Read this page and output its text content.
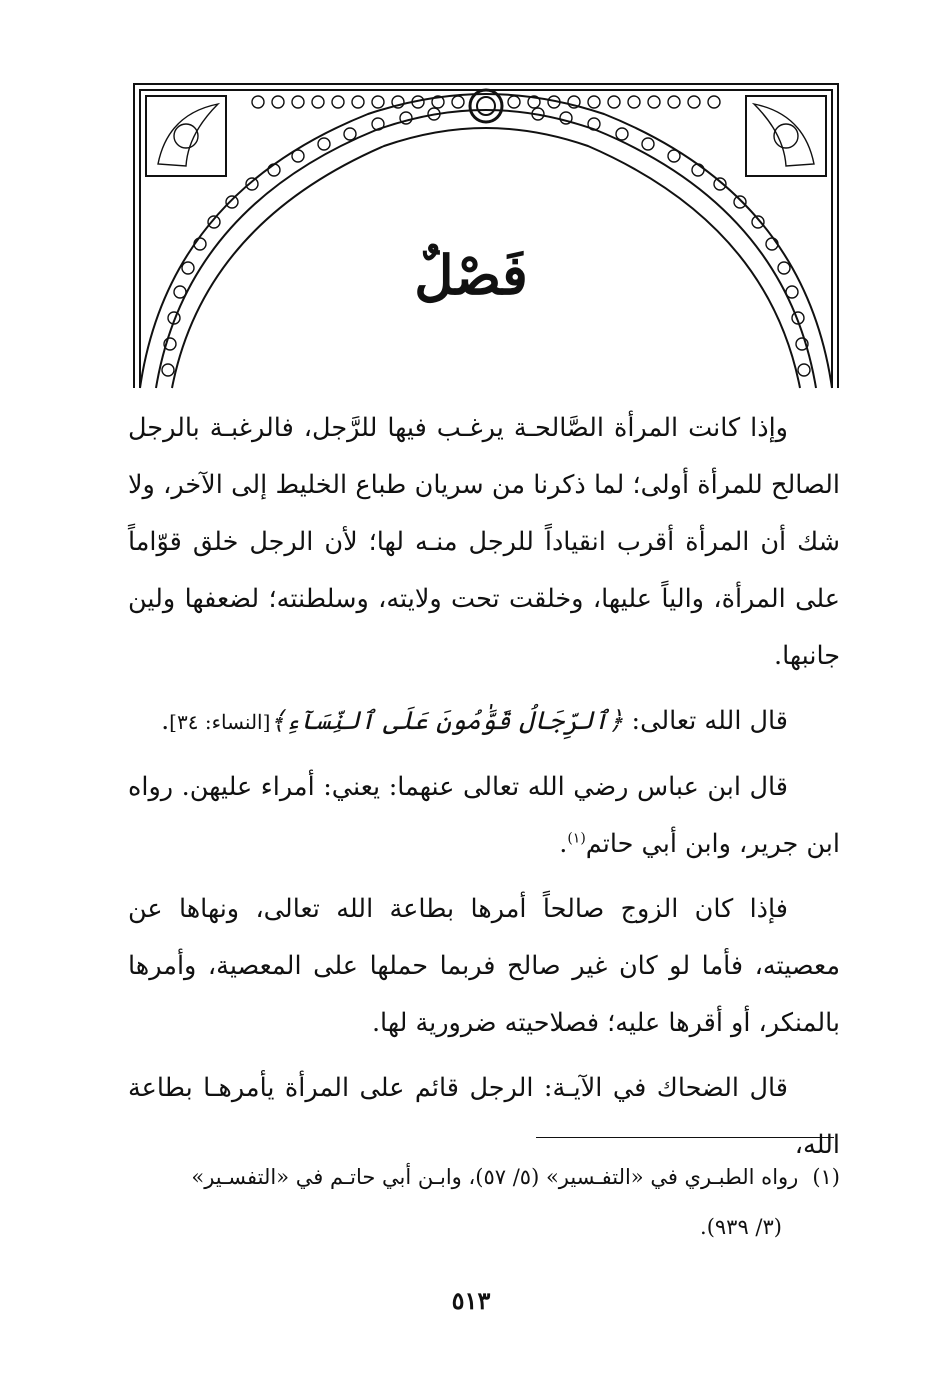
فَصْلٌ

وإذا كانت المرأة الصَّالحـة يرغـب فيها للرَّجل، فالرغبـة بالرجل الصالح للمرأة أولى؛ لما ذكرنا من سريان طباع الخليط إلى الآخر، ولا شك أن المرأة أقرب انقياداً للرجل منـه لها؛ لأن الرجل خلق قوّاماً على المرأة، والياً عليها، وخلقت تحت ولايته، وسلطنته؛ لضعفها ولين جانبها.

قال الله تعالى: ﴿ٱلرِّجَالُ قَوَّٰمُونَ عَلَى ٱلنِّسَآءِ﴾[النساء: ٣٤].

قال ابن عباس رضي الله تعالى عنهما: يعني: أمراء عليهن. رواه ابن جرير، وابن أبي حاتم$^{(١)}$.

فإذا كان الزوج صالحاً أمرها بطاعة الله تعالى، ونهاها عن معصيته، فأما لو كان غير صالح فربما حملها على المعصية، وأمرها بالمنكر، أو أقرها عليه؛ فصلاحيته ضرورية لها.

قال الضحاك في الآيـة: الرجل قائم على المرأة يأمرهـا بطاعة الله،

(١)رواه الطبـري في «التفـسير» (٥/ ٥٧)، وابـن أبي حاتـم في «التفسـير»
(٣/ ٩٣٩).
٥١٣
